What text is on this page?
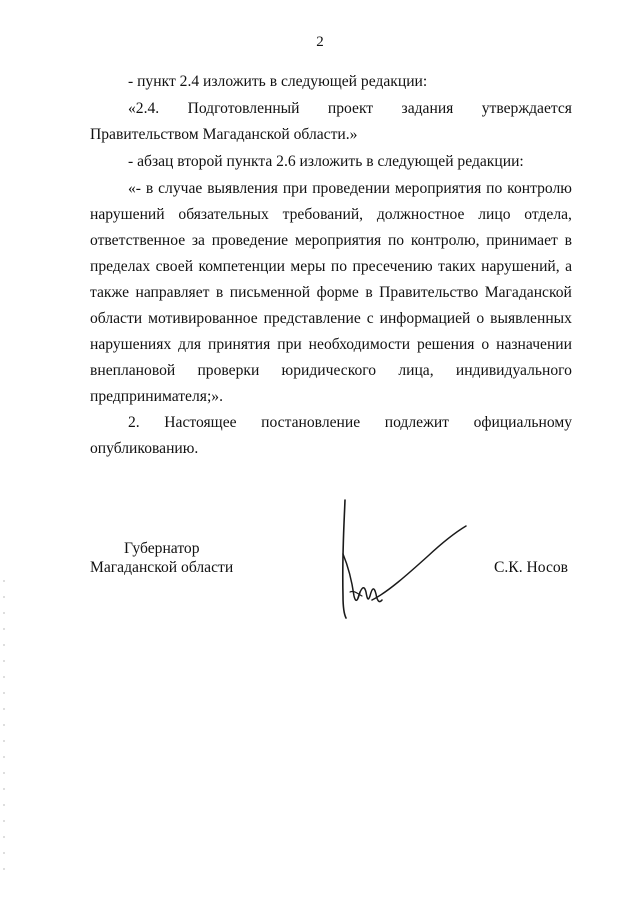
2
- пункт 2.4 изложить в следующей редакции:
«2.4. Подготовленный проект задания утверждается
Правительством Магаданской области.»
- абзац второй пункта 2.6 изложить в следующей редакции:
«- в случае выявления при проведении мероприятия по контролю
нарушений обязательных требований, должностное лицо отдела,
ответственное за проведение мероприятия по контролю, принимает в
пределах своей компетенции меры по пресечению таких нарушений, а
также направляет в письменной форме в Правительство Магаданской
области мотивированное представление с информацией о выявленных
нарушениях для принятия при необходимости решения о назначении
внеплановой проверки юридического лица, индивидуального
предпринимателя;».
2. Настоящее постановление подлежит официальному
опубликованию.
Губернатор
Магаданской области	С.К. Носов
